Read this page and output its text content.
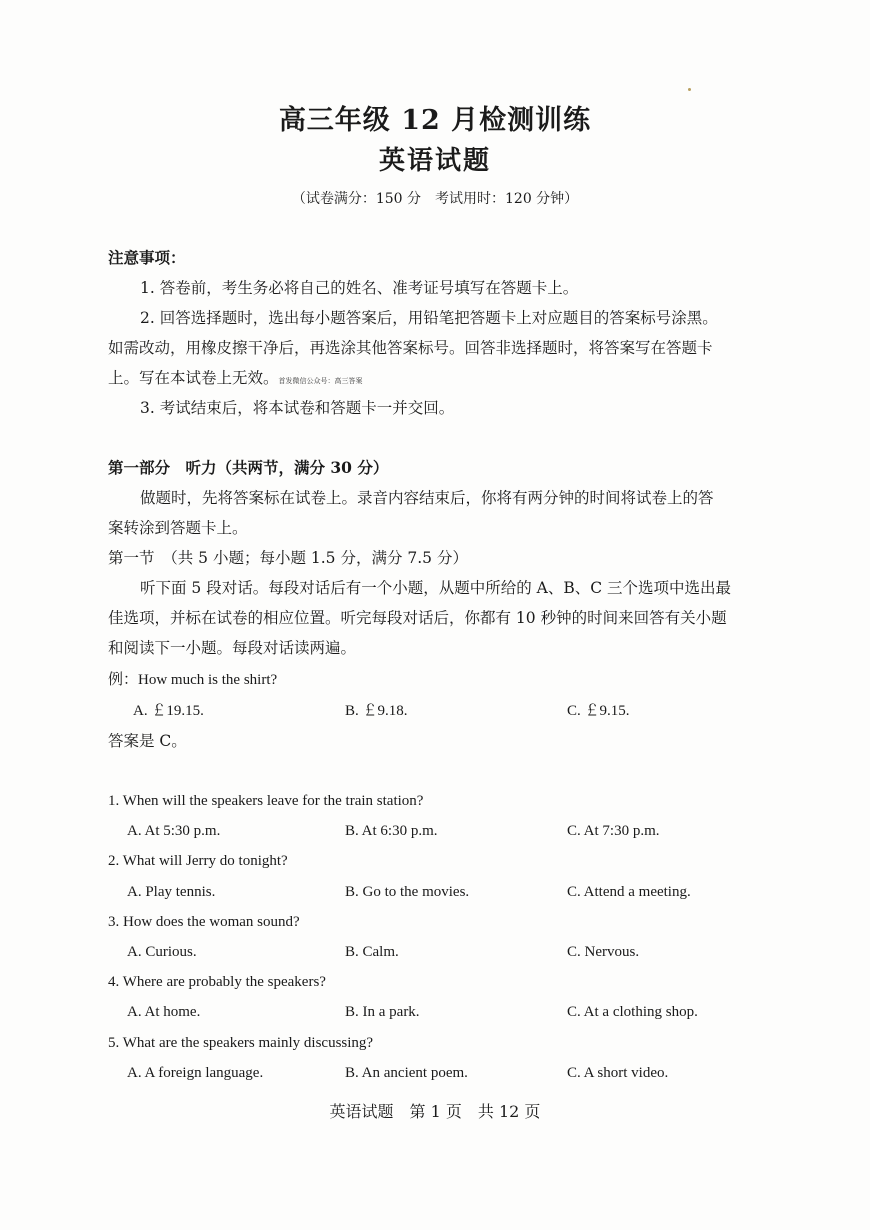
高三年级 12 月检测训练
英语试题
（试卷满分：150 分　考试用时：120 分钟）
注意事项：
1. 答卷前，考生务必将自己的姓名、准考证号填写在答题卡上。
2. 回答选择题时，选出每小题答案后，用铅笔把答题卡上对应题目的答案标号涂黑。
如需改动，用橡皮擦干净后，再选涂其他答案标号。回答非选择题时，将答案写在答题卡
上。写在本试卷上无效。首发微信公众号：高三答案
3. 考试结束后，将本试卷和答题卡一并交回。
第一部分　听力（共两节，满分 30 分）
做题时，先将答案标在试卷上。录音内容结束后，你将有两分钟的时间将试卷上的答
案转涂到答题卡上。
第一节　（共 5 小题；每小题 1.5 分，满分 7.5 分）
听下面 5 段对话。每段对话后有一个小题，从题中所给的 A、B、C 三个选项中选出最
佳选项，并标在试卷的相应位置。听完每段对话后，你都有 10 秒钟的时间来回答有关小题
和阅读下一小题。每段对话读两遍。
例：How much is the shirt?
A. ￡19.15.	B. ￡9.18.	C. ￡9.15.
答案是 C。
1. When will the speakers leave for the train station?
A. At 5:30 p.m.	B. At 6:30 p.m.	C. At 7:30 p.m.
2. What will Jerry do tonight?
A. Play tennis.	B. Go to the movies.	C. Attend a meeting.
3. How does the woman sound?
A. Curious.	B. Calm.	C. Nervous.
4. Where are probably the speakers?
A. At home.	B. In a park.	C. At a clothing shop.
5. What are the speakers mainly discussing?
A. A foreign language.	B. An ancient poem.	C. A short video.
英语试题　第 1 页　共 12 页
